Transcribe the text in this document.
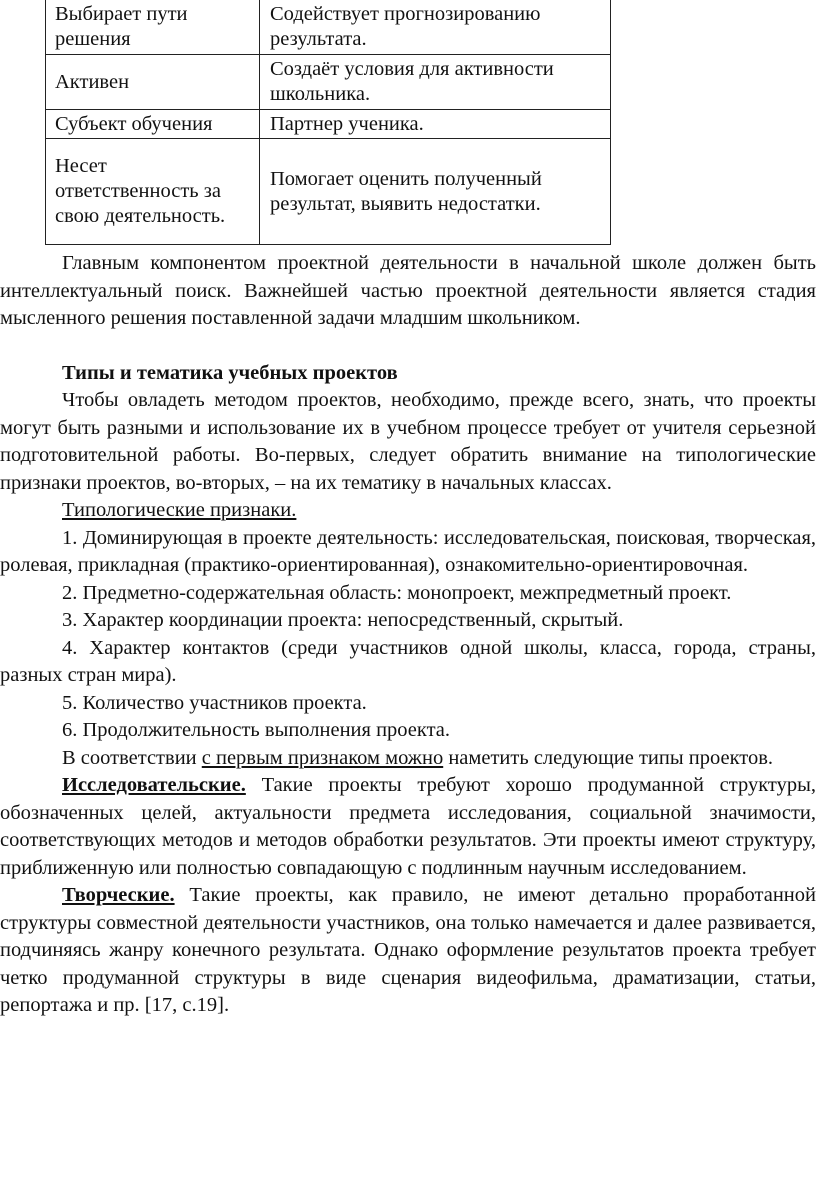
Выбирает пути решения	Содействует прогнозированию результата.
Активен	Создаёт условия для активности школьника.
Субъект обучения	Партнер ученика.
Несет ответственность за свою деятельность.	Помогает оценить полученный результат, выявить недостатки.

Главным компонентом проектной деятельности в начальной школе должен быть интеллектуальный поиск. Важнейшей частью проектной деятельности является стадия мысленного решения поставленной задачи младшим школьником.

Типы и тематика учебных проектов

Чтобы овладеть методом проектов, необходимо, прежде всего, знать, что проекты могут быть разными и использование их в учебном процессе требует от учителя серьезной подготовительной работы. Во-первых, следует обратить внимание на типологические признаки проектов, во-вторых, – на их тематику в начальных классах.

Типологические признаки.

1. Доминирующая в проекте деятельность: исследовательская, поисковая, творческая, ролевая, прикладная (практико-ориентированная), ознакомительно-ориентировочная.

2. Предметно-содержательная область: монопроект, межпредметный проект.

3. Характер координации проекта: непосредственный, скрытый.

4. Характер контактов (среди участников одной школы, класса, города, страны, разных стран мира).

5. Количество участников проекта.

6. Продолжительность выполнения проекта.

В соответствии с первым признаком можно наметить следующие типы проектов.

Исследовательские. Такие проекты требуют хорошо продуманной структуры, обозначенных целей, актуальности предмета исследования, социальной значимости, соответствующих методов и методов обработки результатов. Эти проекты имеют структуру, приближенную или полностью совпадающую с подлинным научным исследованием.

Творческие. Такие проекты, как правило, не имеют детально проработанной структуры совместной деятельности участников, она только намечается и далее развивается, подчиняясь жанру конечного результата. Однако оформление результатов проекта требует четко продуманной структуры в виде сценария видеофильма, драматизации, статьи, репортажа и пр. [17, с.19].
